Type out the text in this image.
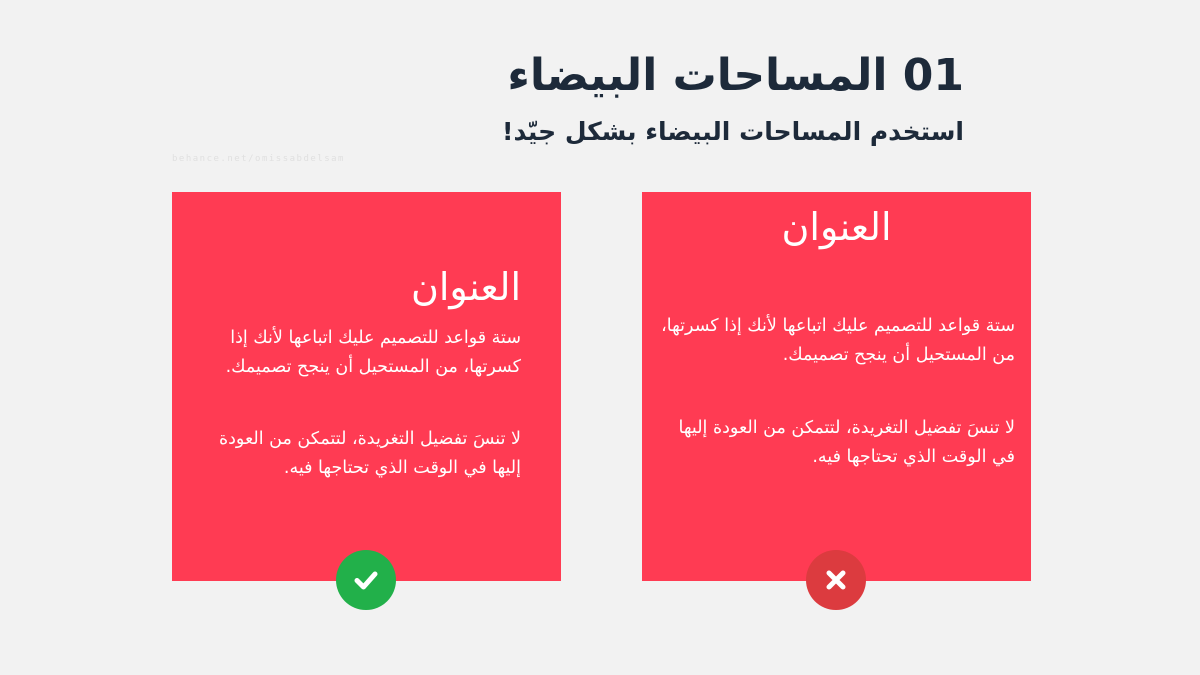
01 المساحات البيضاء
استخدم المساحات البيضاء بشكل جيّد!
behance.net/omissabdelsam
العنوان

ستة قواعد للتصميم عليك اتباعها لأنك إذا كسرتها، من المستحيل أن ينجح تصميمك.

لا تنسَ تفضيل التغريدة، لتتمكن من العودة إليها في الوقت الذي تحتاجها فيه.

العنوان

ستة قواعد للتصميم عليك اتباعها لأنك إذا كسرتها، من المستحيل أن ينجح تصميمك.

لا تنسَ تفضيل التغريدة، لتتمكن من العودة إليها في الوقت الذي تحتاجها فيه.
